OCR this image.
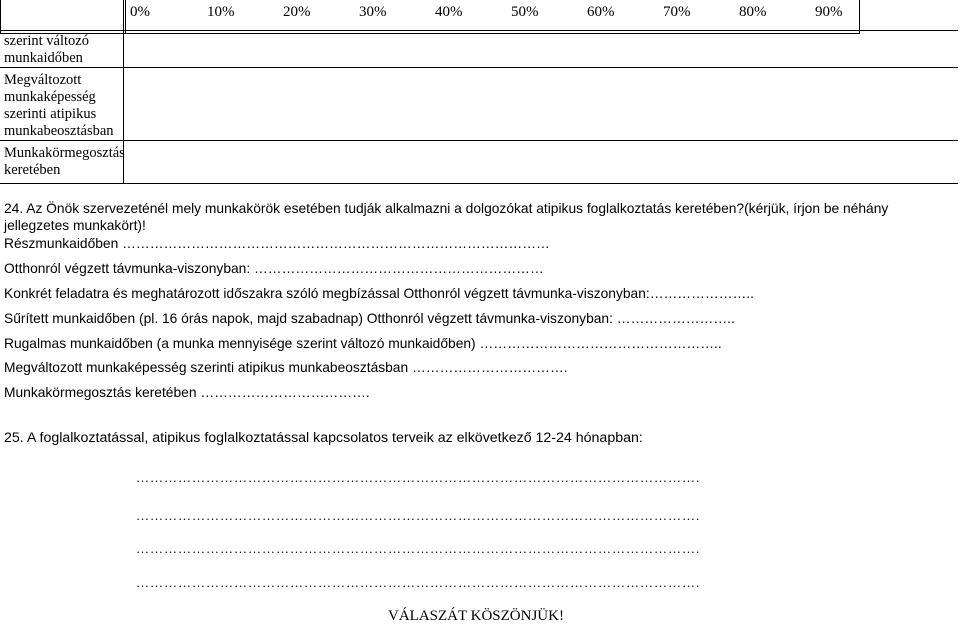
	0%	10%	20%	30%	40%	50%	60%	70%	80%	90%
szerint változó munkaidőben
Megváltozott munkaképesség szerinti atipikus munkabeosztásban
Munkakörmegosztás keretében
24. Az Önök szervezeténél mely munkakörök esetében tudják alkalmazni a dolgozókat atipikus foglalkoztatás keretében?(kérjük, írjon be néhány jellegzetes munkakört)!
Részmunkaidőben …………………………………………………………………………………
Otthonról végzett távmunka-viszonyban: ………………………………………………………
Konkrét feladatra és meghatározott időszakra szóló megbízással Otthonról végzett távmunka-viszonyban:…………………..
Sűrített munkaidőben (pl. 16 órás napok, majd szabadnap) Otthonról végzett távmunka-viszonyban: ……………………..
Rugalmas munkaidőben (a munka mennyisége szerint változó munkaidőben) ……………………………………………..
Megváltozott munkaképesség szerinti atipikus munkabeosztásban …………………………….
Munkakörmegosztás keretében ……………………………….
25. A foglalkoztatással, atipikus foglalkoztatással kapcsolatos terveik az elkövetkező 12-24 hónapban:
………………………………………………………………………………………………………….
………………………………………………………………………………………………………….
………………………………………………………………………………………………………….
………………………………………………………………………………………………………….
VÁLASZÁT KÖSZÖNJÜK!
